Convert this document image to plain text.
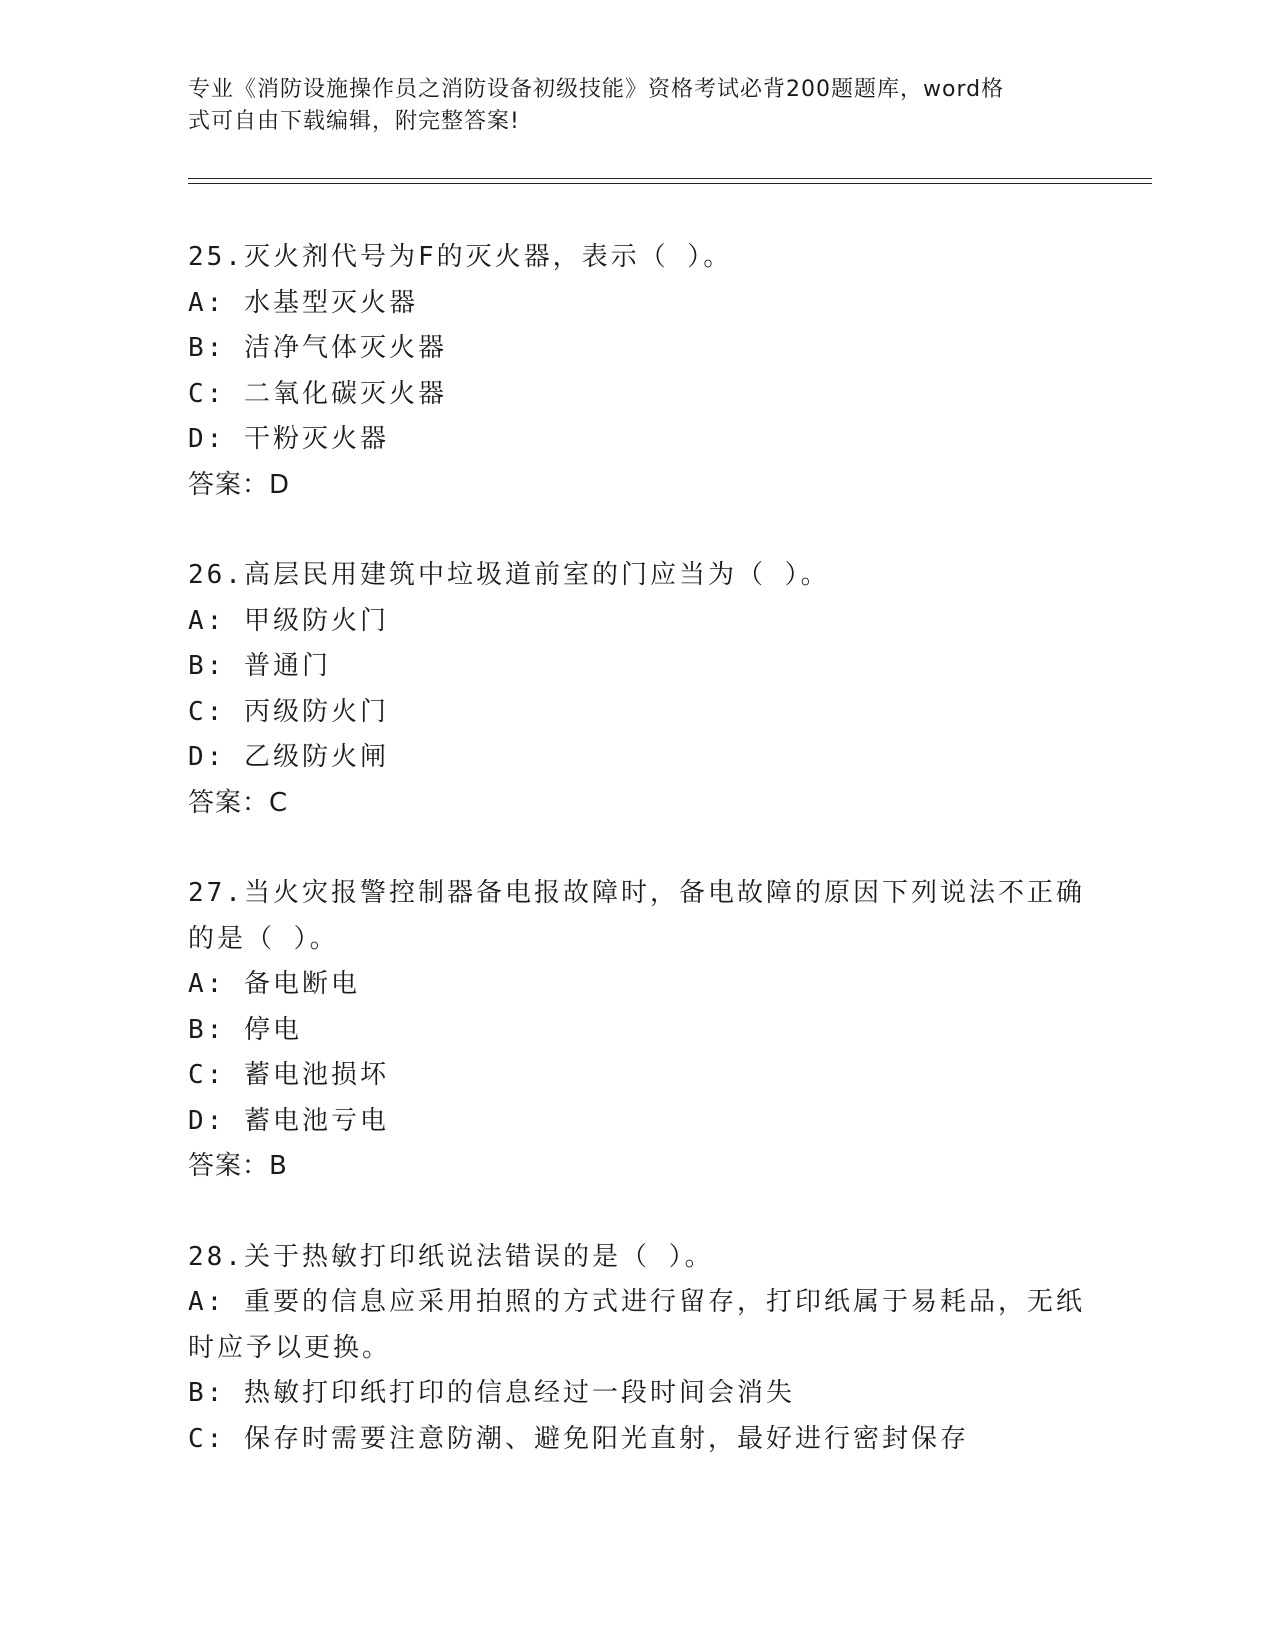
专业《消防设施操作员之消防设备初级技能》资格考试必背200题题库，word格
式可自由下载编辑，附完整答案!

25.灭火剂代号为F的灭火器，表示（ ）。

A: 水基型灭火器

B: 洁净气体灭火器

C: 二氧化碳灭火器

D: 干粉灭火器

答案：D

26.高层民用建筑中垃圾道前室的门应当为（ ）。

A: 甲级防火门

B: 普通门

C: 丙级防火门

D: 乙级防火闸

答案：C

27.当火灾报警控制器备电报故障时，备电故障的原因下列说法不正确

的是（ ）。

A: 备电断电

B: 停电

C: 蓄电池损坏

D: 蓄电池亏电

答案：B

28.关于热敏打印纸说法错误的是（ ）。

A: 重要的信息应采用拍照的方式进行留存，打印纸属于易耗品，无纸

时应予以更换。

B: 热敏打印纸打印的信息经过一段时间会消失

C: 保存时需要注意防潮、避免阳光直射，最好进行密封保存
